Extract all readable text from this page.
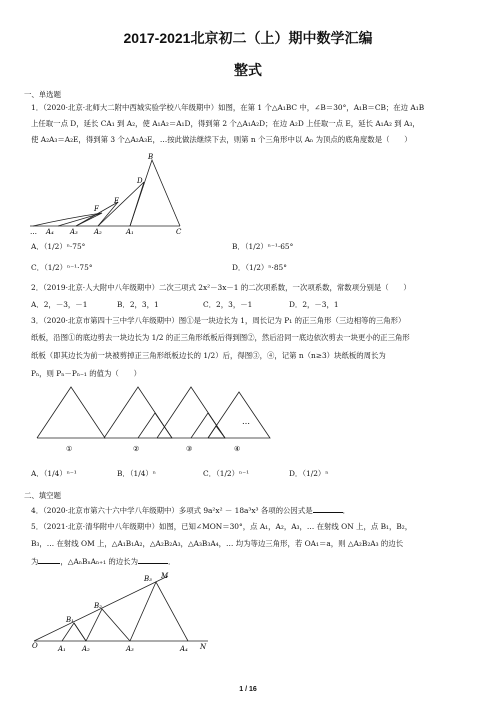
2017-2021北京初二（上）期中数学汇编
整式
一、单选题
1．（2020·北京·北师大二附中西城实验学校八年级期中）如图，在第 1 个△A₁BC 中，∠B＝30°，A₁B＝CB；在边 A₁B
上任取一点 D，延长 CA₁ 到 A₂，使 A₁A₂＝A₁D，得到第 2 个△A₁A₂D；在边 A₂D 上任取一点 E，延长 A₁A₂ 到 A₃，
使 A₂A₃＝A₂E，得到第 3 个△A₂A₃E，…按此做法继续下去，则第 n 个三角形中以 Aₙ 为顶点的底角度数是（　　）
B
D
E
F
… A₄ A₃ A₂	A₁	C
A．（1/2）ⁿ·75°	B．（1/2）ⁿ⁻¹·65°
C．（1/2）ⁿ⁻¹·75°	D．（1/2）ⁿ·85°
2．（2019·北京·人大附中八年级期中）二次三项式 2x²－3x－1 的二次项系数，一次项系数，常数项分别是（　　）
A．2，－3，－1	B．2，3，1	C．2，3，－1	D．2，－3，1
3．（2020·北京市第四十三中学八年级期中）图①是一块边长为 1，周长记为 P₁ 的正三角形（三边相等的三角形）
纸板，沿图①的底边剪去一块边长为 1/2 的正三角形纸板后得到图②，然后沿同一底边依次剪去一块更小的正三角形
纸板（即其边长为前一块被剪掉正三角形纸板边长的 1/2）后，得图③，④，记第 n（n≥3）块纸板的周长为
Pₙ，则 Pₙ－Pₙ₋₁ 的值为（　　）
①	②	③	④
…
A．（1/4）ⁿ⁻¹	B．（1/4）ⁿ	C．（1/2）ⁿ⁻¹	D．（1/2）ⁿ
二、填空题
4．（2020·北京市第六十六中学八年级期中）多项式 9a²x² － 18a³x³ 各项的公因式是	．
5．（2021·北京·清华附中八年级期中）如图，已知∠MON＝30°，点 A₁，A₂，A₃，… 在射线 ON 上，点 B₁，B₂，
B₃，… 在射线 OM 上，△A₁B₁A₂，△A₂B₂A₃，△A₃B₃A₄，… 均为等边三角形，若 OA₁＝a，则 △A₂B₂A₃ 的边长
为	，△AₙBₙAₙ₊₁ 的边长为	．
O	N
M
B₁
B₂
B₃
A₁ A₂	A₃	A₄
1 / 16
